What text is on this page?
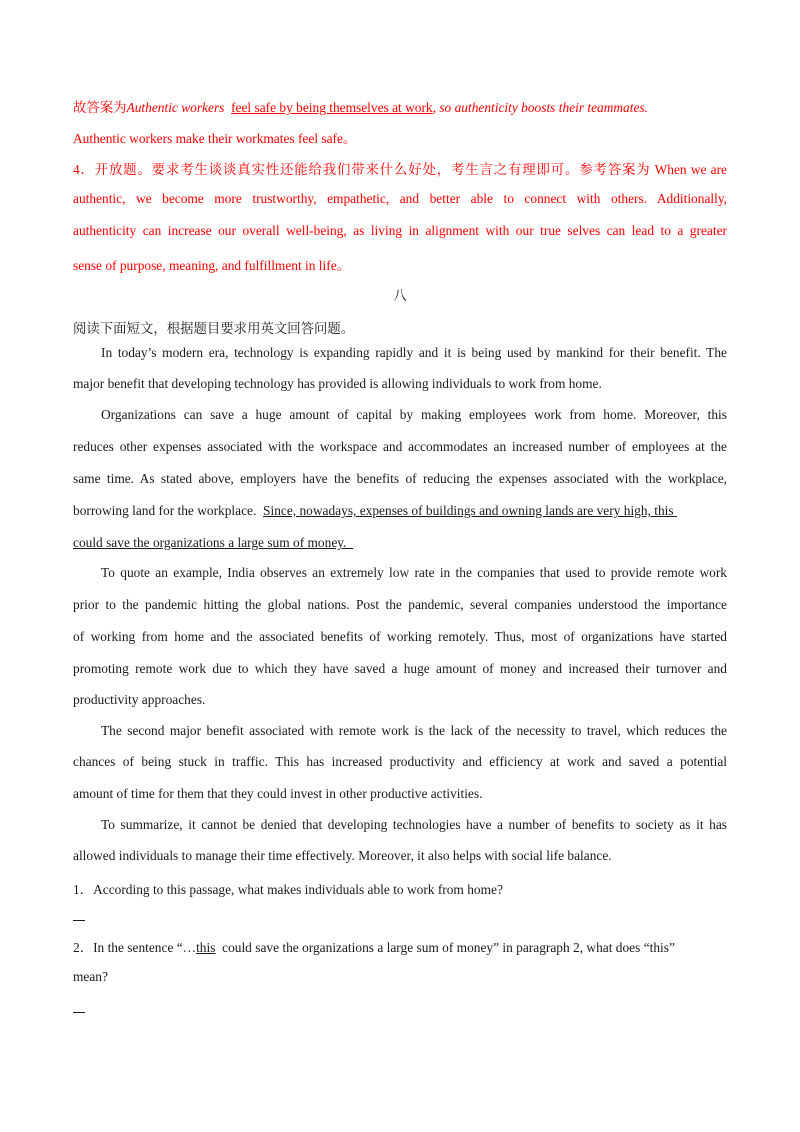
故答案为Authentic workers feel safe by being themselves at work, so authenticity boosts their teammates.
Authentic workers make their workmates feel safe。
4．开放题。要求考生谈谈真实性还能给我们带来什么好处，考生言之有理即可。参考答案为 When we are
authentic, we become more trustworthy, empathetic, and better able to connect with others. Additionally,
authenticity can increase our overall well-being, as living in alignment with our true selves can lead to a greater
sense of purpose, meaning, and fulfillment in life。
八
阅读下面短文，根据题目要求用英文回答问题。
In today’s modern era, technology is expanding rapidly and it is being used by mankind for their benefit. The
major benefit that developing technology has provided is allowing individuals to work from home.
Organizations can save a huge amount of capital by making employees work from home. Moreover, this
reduces other expenses associated with the workspace and accommodates an increased number of employees at the
same time. As stated above, employers have the benefits of reducing the expenses associated with the workplace,
borrowing land for the workplace. Since, nowadays, expenses of buildings and owning lands are very high, this
could save the organizations a large sum of money.
To quote an example, India observes an extremely low rate in the companies that used to provide remote work
prior to the pandemic hitting the global nations. Post the pandemic, several companies understood the importance
of working from home and the associated benefits of working remotely. Thus, most of organizations have started
promoting remote work due to which they have saved a huge amount of money and increased their turnover and
productivity approaches.
The second major benefit associated with remote work is the lack of the necessity to travel, which reduces the
chances of being stuck in traffic. This has increased productivity and efficiency at work and saved a potential
amount of time for them that they could invest in other productive activities.
To summarize, it cannot be denied that developing technologies have a number of benefits to society as it has
allowed individuals to manage their time effectively. Moreover, it also helps with social life balance.
1．According to this passage, what makes individuals able to work from home?
2．In the sentence “…this  could save the organizations a large sum of money” in paragraph 2, what does “this”
mean?
